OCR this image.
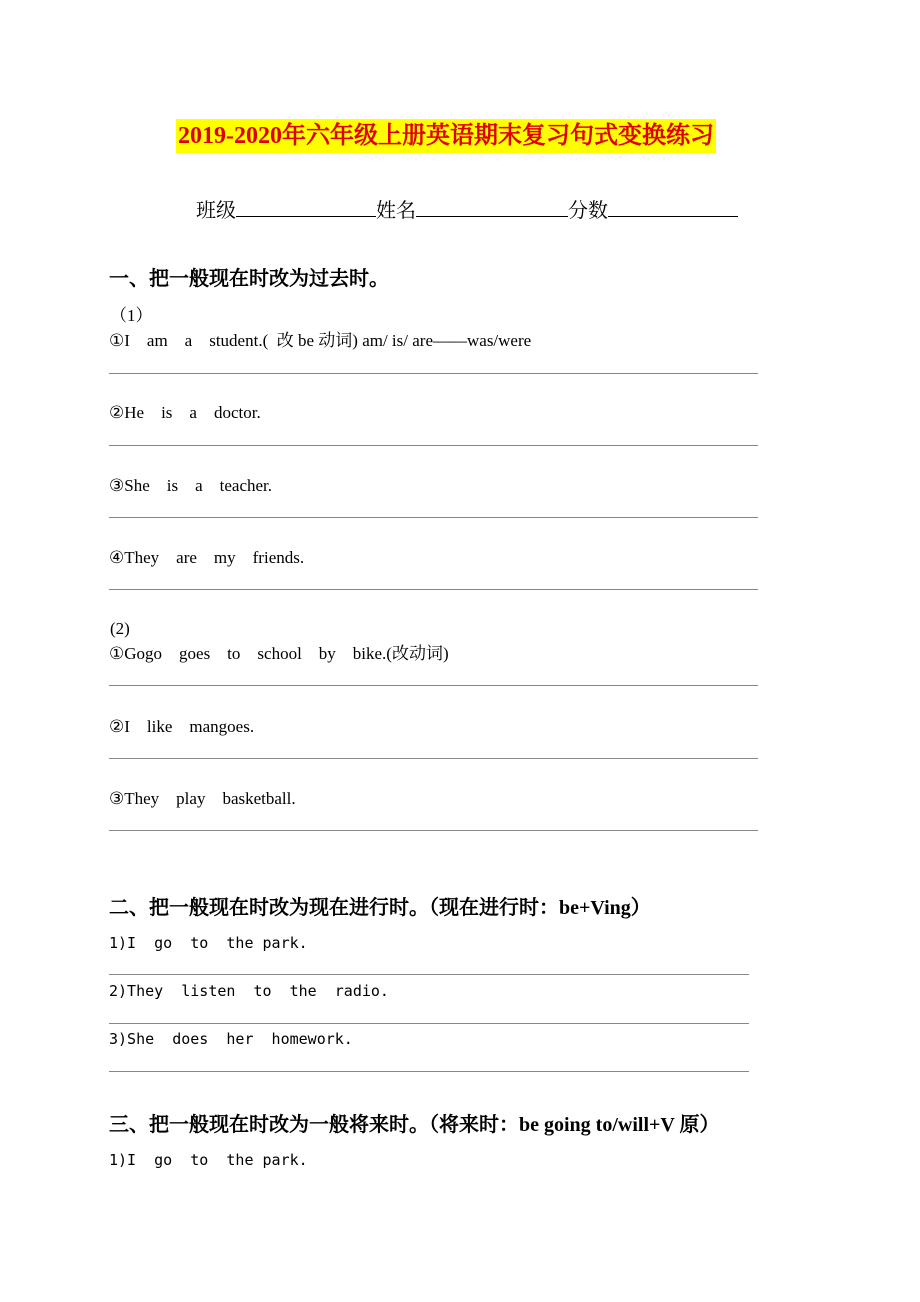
2019-2020年六年级上册英语期末复习句式变换练习

班级	姓名	分数

一、把一般现在时改为过去时。
（1）
①I    am    a    student.(  改 be 动词) am/ is/ are——was/were
②He    is    a    doctor.
③She    is    a    teacher.
④They    are    my    friends.
(2)
①Gogo    goes    to    school    by    bike.(改动词)
②I    like    mangoes.
③They    play    basketball.
二、把一般现在时改为现在进行时。（现在进行时：be+Ving）
1)I  go  to  the park.
2)They  listen  to  the  radio.
3)She  does  her  homework.
三、把一般现在时改为一般将来时。（将来时：be going to/will+V 原）
1)I  go  to  the park.
